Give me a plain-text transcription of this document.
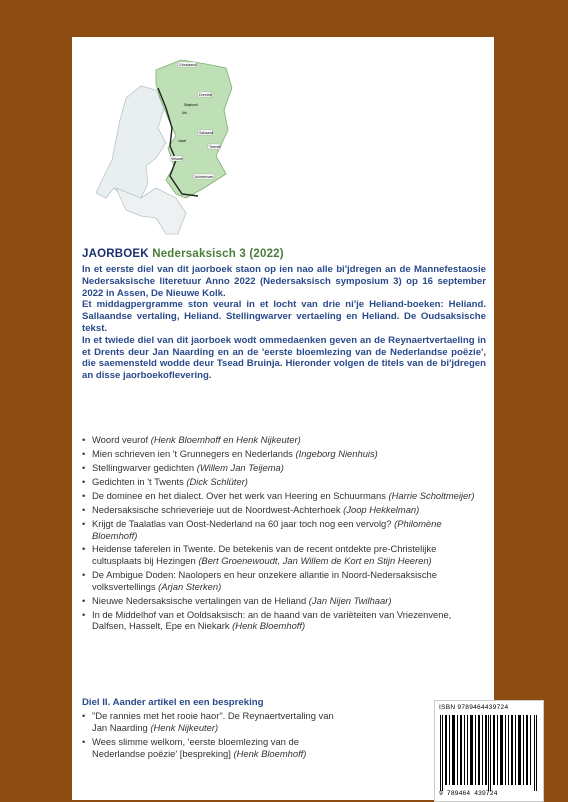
Grinslaand
Drenthe
Sallaand
Twente
Achterhoek
Veluwe
Urk
Staphorst
IJssel
JAORBOEK Nedersaksisch 3 (2022)

In et eerste diel van dit jaorboek staon op ien nao alle bi'jdregen an de Mannefestaosie Nedersaksische literetuur Anno 2022 (Nedersaksisch symposium 3) op 16 september 2022 in Assen, De Nieuwe Kolk.

Et middagpergramme ston veural in et locht van drie ni'je Heliand-boeken: Heliand. Sallaandse vertaling, Heliand. Stellingwarver vertaeling en Heliand. De Oudsaksische tekst.

In et twiede diel van dit jaorboek wodt ommedaenken geven an de Reynaertvertaeling in et Drents deur Jan Naarding en an de 'eerste bloemlezing van de Nederlandse poëzie', die saemensteld wodde deur Tsead Bruinja. Hieronder volgen de titels van de bi'jdregen an disse jaorboekoflevering.

• Woord veurof (Henk Bloemhoff en Henk Nijkeuter)
• Mien schrieven ien 't Grunnegers en Nederlands (Ingeborg Nienhuis)
• Stellingwarver gedichten (Willem Jan Teijema)
• Gedichten in 't Twents (Dick Schlüter)
• De dominee en het dialect. Over het werk van Heering en Schuurmans (Harrie Scholtmeijer)
• Nedersaksische schrieverieje uut de Noordwest-Achterhoek (Joop Hekkelman)
• Krijgt de Taalatlas van Oost-Nederland na 60 jaar toch nog een vervolg? (Philomène Bloemhoff)
• Heidense taferelen in Twente. De betekenis van de recent ontdekte pre-Christelijke cultusplaats bij Hezingen (Bert Groenewoudt, Jan Willem de Kort en Stijn Heeren)
• De Ambigue Doden: Naolopers en heur onzekere allantie in Noord-Nedersaksische volksvertellings (Arjan Sterken)
• Nieuwe Nedersaksische vertalingen van de Heliand (Jan Nijen Twilhaar)
• In de Middelhof van et Ooldsaksisch: an de haand van de variëteiten van Vriezenvene, Dalfsen, Hasselt, Epe en Niekark (Henk Bloemhoff)
Diel II. Aander artikel en een bespreking
• "De rannies met het rooie haor". De Reynaertvertaling van Jan Naarding (Henk Nijkeuter)
• Wees slimme welkom, 'eerste bloemlezing van de Nederlandse poëzie' [bespreking] (Henk Bloemhoff)
ISBN 9789464439724
9 789464 439724
